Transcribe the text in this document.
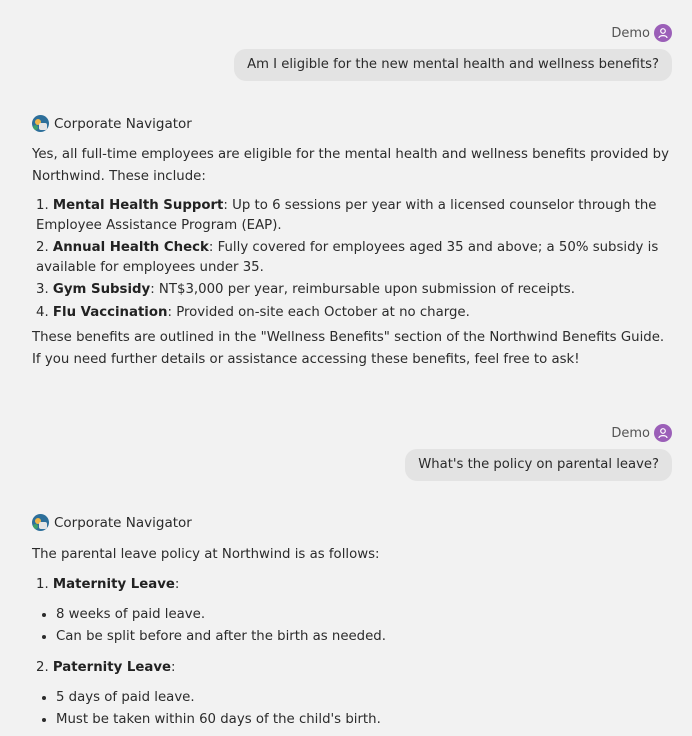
Demo
Am I eligible for the new mental health and wellness benefits?
Corporate Navigator

Yes, all full-time employees are eligible for the mental health and wellness benefits provided by Northwind. These include:

1. Mental Health Support: Up to 6 sessions per year with a licensed counselor through the Employee Assistance Program (EAP).
2. Annual Health Check: Fully covered for employees aged 35 and above; a 50% subsidy is available for employees under 35.
3. Gym Subsidy: NT$3,000 per year, reimbursable upon submission of receipts.
4. Flu Vaccination: Provided on-site each October at no charge.

These benefits are outlined in the "Wellness Benefits" section of the Northwind Benefits Guide. If you need further details or assistance accessing these benefits, feel free to ask!

Demo
What's the policy on parental leave?
Corporate Navigator

The parental leave policy at Northwind is as follows:

1. Maternity Leave:
• 8 weeks of paid leave.
• Can be split before and after the birth as needed.
2. Paternity Leave:
• 5 days of paid leave.
• Must be taken within 60 days of the child's birth.
